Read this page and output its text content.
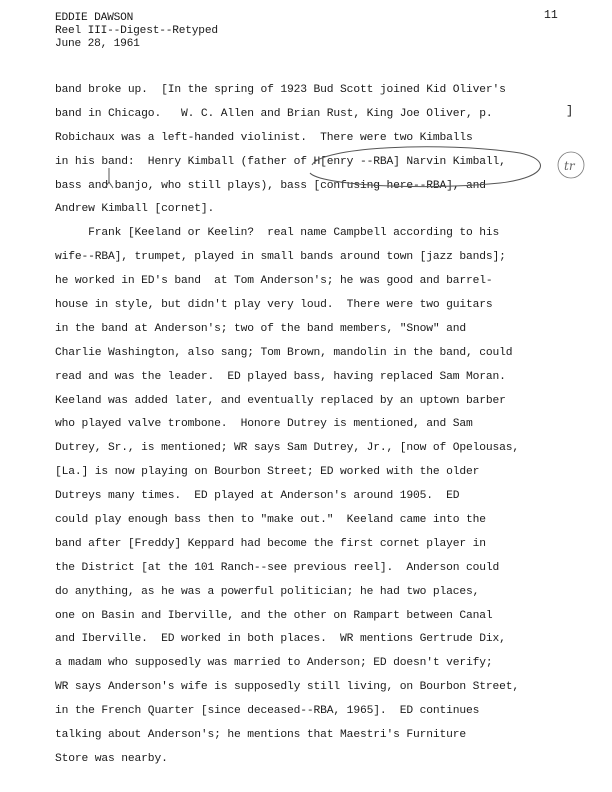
EDDIE DAWSON
Reel III--Digest--Retyped
June 28, 1961
11
band broke up.  [In the spring of 1923 Bud Scott joined Kid Oliver's
band in Chicago.   W. C. Allen and Brian Rust, King Joe Oliver, p.
Robichaux was a left-handed violinist.  There were two Kimballs
in his band:  Henry Kimball (father of H[enry --RBA] Narvin Kimball,
bass and banjo, who still plays), bass [confusing here--RBA], and
Andrew Kimball [cornet].
Frank [Keeland or Keelin?  real name Campbell according to his
wife--RBA], trumpet, played in small bands around town [jazz bands];
he worked in ED's band  at Tom Anderson's; he was good and barrel-
house in style, but didn't play very loud.  There were two guitars
in the band at Anderson's; two of the band members, "Snow" and
Charlie Washington, also sang; Tom Brown, mandolin in the band, could
read and was the leader.  ED played bass, having replaced Sam Moran.
Keeland was added later, and eventually replaced by an uptown barber
who played valve trombone.  Honore Dutrey is mentioned, and Sam
Dutrey, Sr., is mentioned; WR says Sam Dutrey, Jr., [now of Opelousas,
[La.] is now playing on Bourbon Street; ED worked with the older
Dutreys many times.  ED played at Anderson's around 1905.  ED
could play enough bass then to "make out."  Keeland came into the
band after [Freddy] Keppard had become the first cornet player in
the District [at the 101 Ranch--see previous reel].  Anderson could
do anything, as he was a powerful politician; he had two places,
one on Basin and Iberville, and the other on Rampart between Canal
and Iberville.  ED worked in both places.  WR mentions Gertrude Dix,
a madam who supposedly was married to Anderson; ED doesn't verify;
WR says Anderson's wife is supposedly still living, on Bourbon Street,
in the French Quarter [since deceased--RBA, 1965].  ED continues
talking about Anderson's; he mentions that Maestri's Furniture
Store was nearby.
]
tr
